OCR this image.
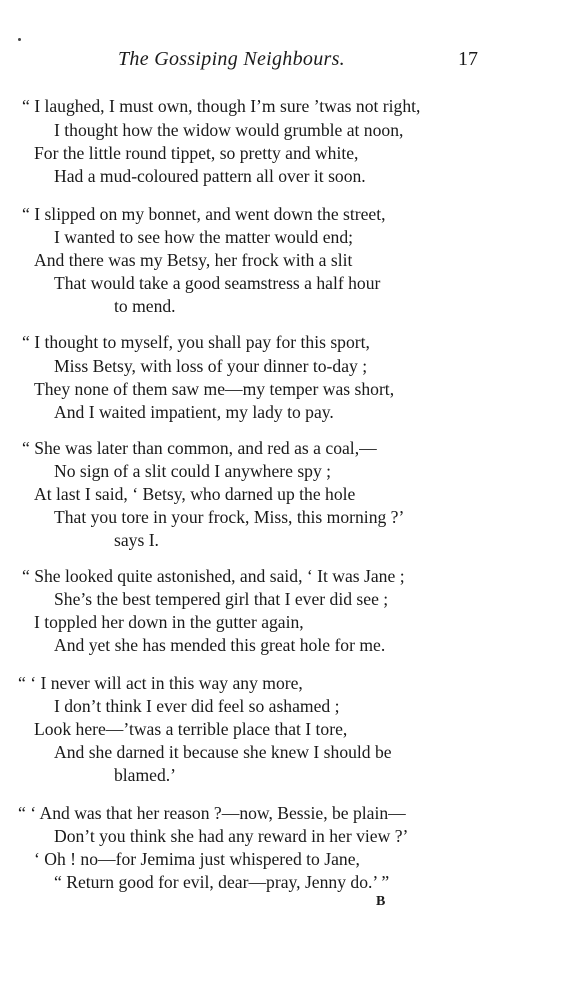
The Gossiping Neighbours.	17
“ I laughed, I must own, though I’m sure ’twas not right,
I thought how the widow would grumble at noon,
For the little round tippet, so pretty and white,
Had a mud-coloured pattern all over it soon.
“ I slipped on my bonnet, and went down the street,
I wanted to see how the matter would end;
And there was my Betsy, her frock with a slit
That would take a good seamstress a half hour
to mend.
“ I thought to myself, you shall pay for this sport,
Miss Betsy, with loss of your dinner to-day ;
They none of them saw me—my temper was short,
And I waited impatient, my lady to pay.
“ She was later than common, and red as a coal,—
No sign of a slit could I anywhere spy ;
At last I said, ‘ Betsy, who darned up the hole
That you tore in your frock, Miss, this morning ?’
says I.
“ She looked quite astonished, and said, ‘ It was Jane ;
She’s the best tempered girl that I ever did see ;
I toppled her down in the gutter again,
And yet she has mended this great hole for me.
“ ‘ I never will act in this way any more,
I don’t think I ever did feel so ashamed ;
Look here—’twas a terrible place that I tore,
And she darned it because she knew I should be
blamed.’
“ ‘ And was that her reason ?—now, Bessie, be plain—
Don’t you think she had any reward in her view ?’
‘ Oh ! no—for Jemima just whispered to Jane,
“ Return good for evil, dear—pray, Jenny do.’ ”
B
